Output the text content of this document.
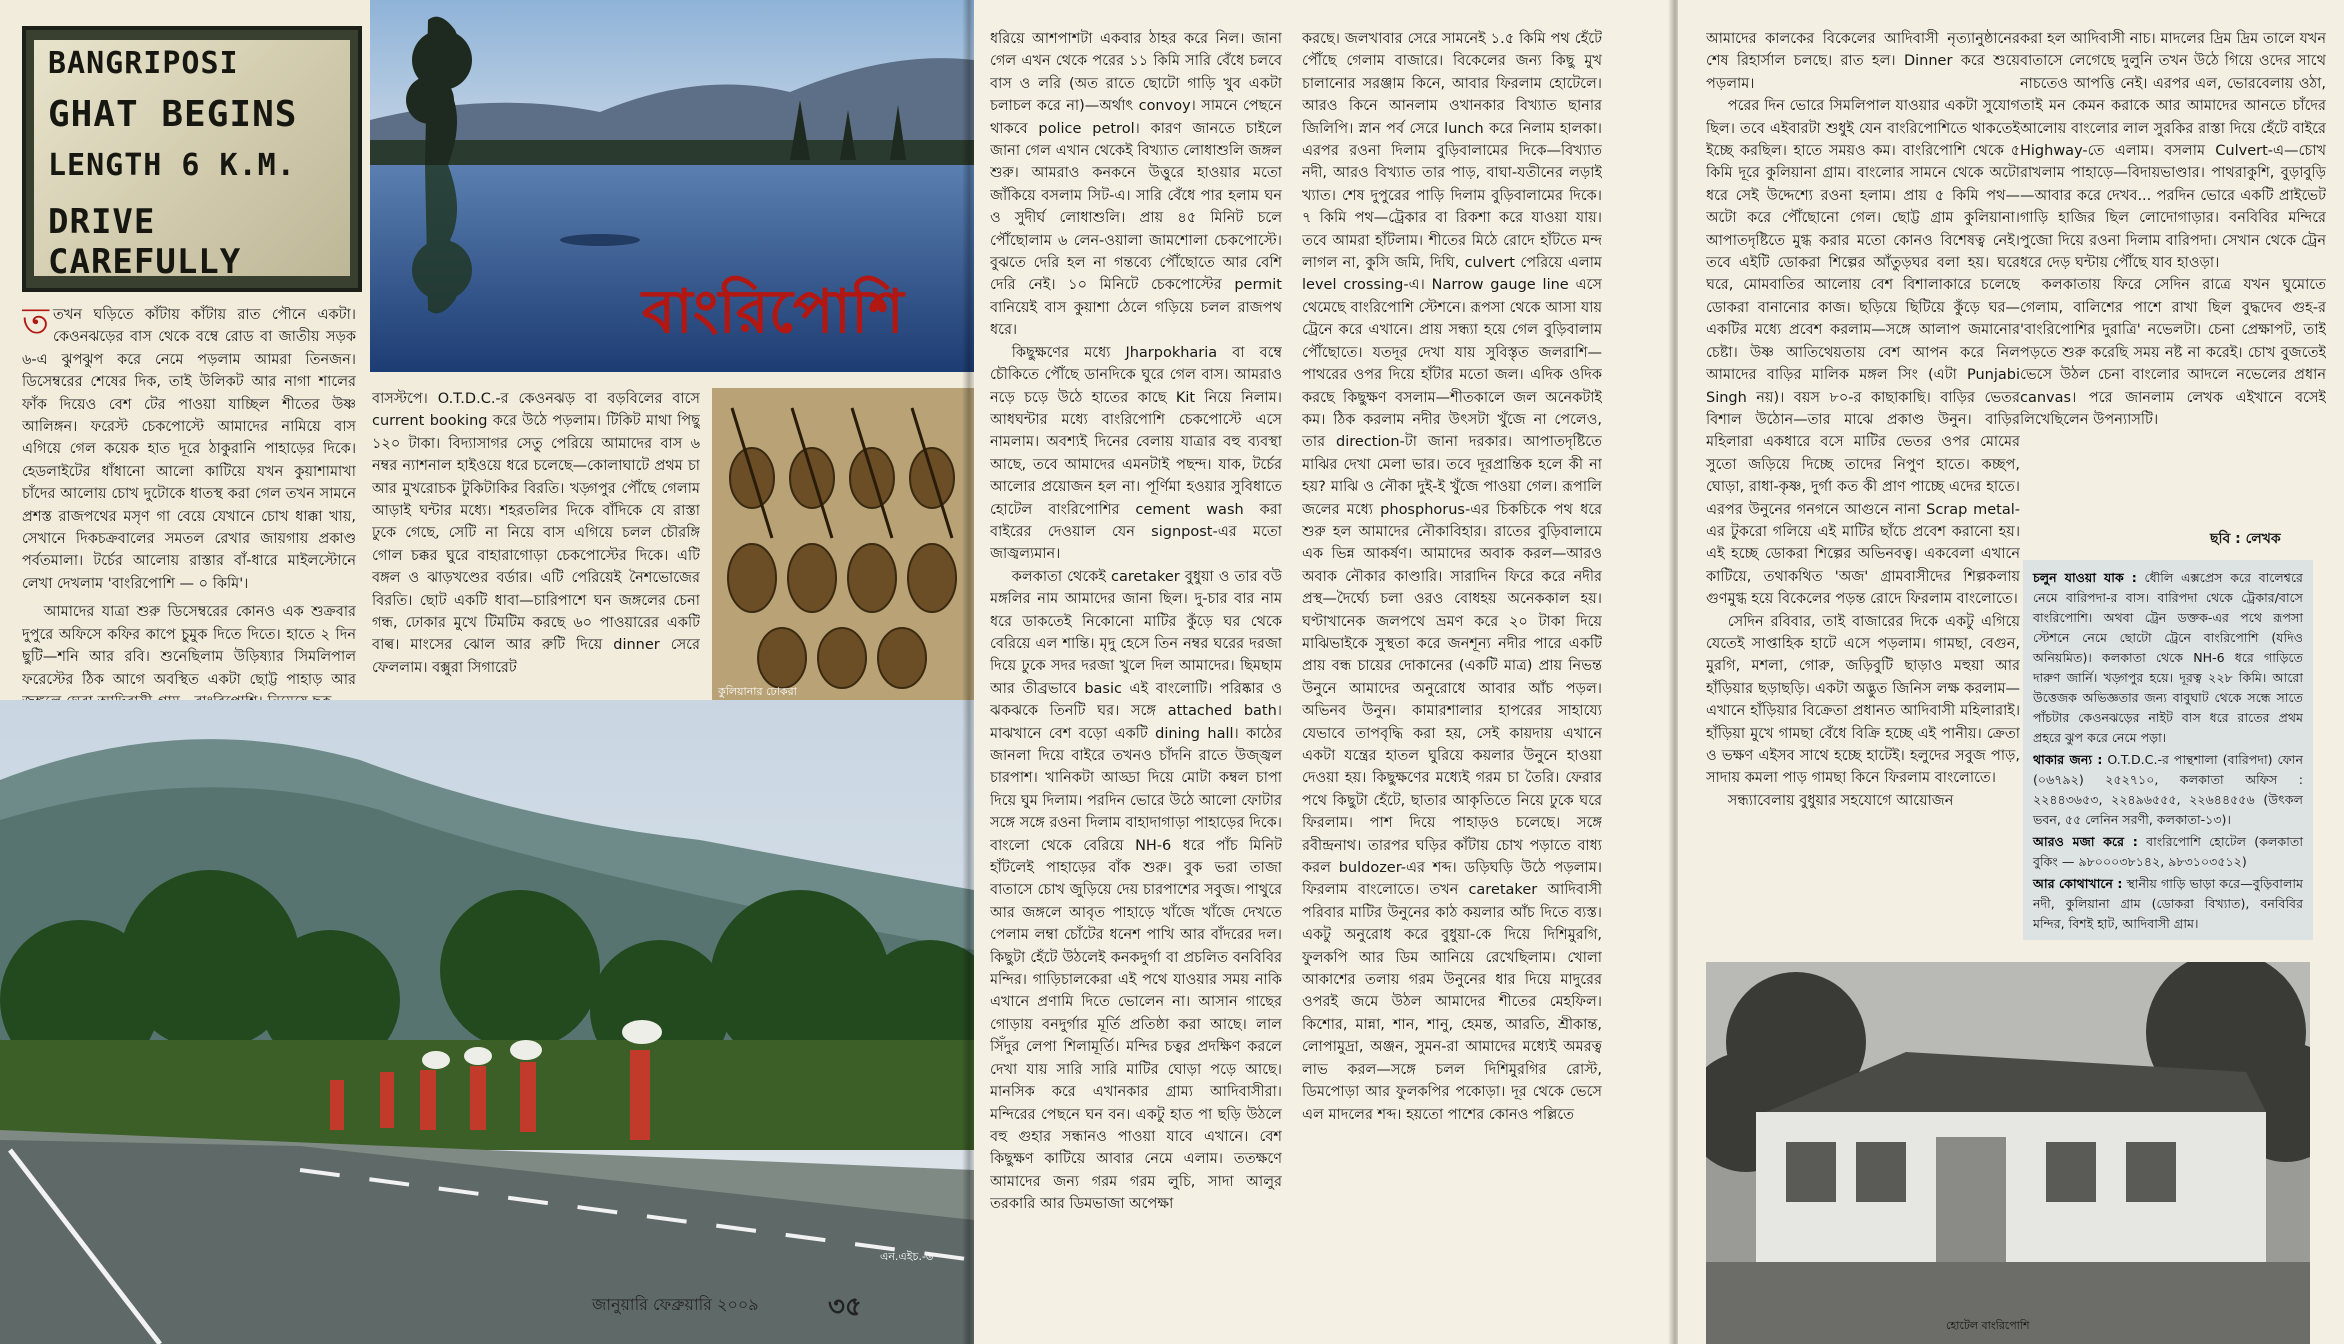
BANGRIPOSI
GHAT BEGINS
LENGTH 6 K.M.
DRIVE CAREFULLY
বাংরিপোশি

ততখন ঘড়িতে কাঁটায় কাঁটায় রাত পৌনে একটা। কেওনঝড়ের বাস থেকে বম্বে রোড বা জাতীয় সড়ক ৬-এ ঝুপঝুপ করে নেমে পড়লাম আমরা তিনজন। ডিসেম্বরের শেষের দিক, তাই উলিকট আর নাগা শালের ফাঁক দিয়েও বেশ টের পাওয়া যাচ্ছিল শীতের উষ্ণ আলিঙ্গন। ফরেস্ট চেকপোস্টে আমাদের নামিয়ে বাস এগিয়ে গেল কয়েক হাত দূরে ঠাকুরানি পাহাড়ের দিকে। হেডলাইটের ধাঁধানো আলো কাটিয়ে যখন কুয়াশামাখা চাঁদের আলোয় চোখ দুটোকে ধাতস্থ করা গেল তখন সামনে প্রশস্ত রাজপথের মসৃণ গা বেয়ে যেখানে চোখ ধাক্কা খায়, সেখানে দিকচক্রবালের সমতল রেখার জায়গায় প্রকাণ্ড পর্বতমালা। টর্চের আলোয় রাস্তার বাঁ-ধারে মাইলস্টোনে লেখা দেখলাম 'বাংরিপোশি — ০ কিমি'।

আমাদের যাত্রা শুরু ডিসেম্বরের কোনও এক শুক্রবার দুপুরে অফিসে কফির কাপে চুমুক দিতে দিতে। হাতে ২ দিন ছুটি—শনি আর রবি। শুনেছিলাম উড়িষ্যার সিমলিপাল ফরেস্টের ঠিক আগে অবস্থিত একটা ছোট্ট পাহাড় আর

বাসস্টপে। O.T.D.C.-র কেওনঝড় বা বড়বিলের বাসে current booking করে উঠে পড়লাম। টিকিট মাথা পিছু ১২০ টাকা। বিদ্যাসাগর সেতু পেরিয়ে আমাদের বাস ৬ নম্বর ন্যাশনাল হাইওয়ে ধরে চলেছে—কোলাঘাটে প্রথম চা আর মুখরোচক টুকিটাকির বিরতি। খড়্গপুর পৌঁছে গেলাম আড়াই ঘন্টার মধ্যে। শহরতলির দিকে বাঁদিকে যে রাস্তা ঢুকে গেছে, সেটি না নিয়ে বাস এগিয়ে চলল চৌরঙ্গি গোল চক্কর ঘুরে বাহারাগোড়া চেকপোস্টের দিকে। এটি বঙ্গল ও ঝাড়খণ্ডের বর্ডার। এটি পেরিয়েই নৈশভোজের বিরতি। ছোট একটি ধাবা—চারিপাশে ঘন জঙ্গলের চেনা গন্ধ, ঢোকার মুখে টিমটিম করছে ৬০ পাওয়ারের একটি বাল্ব। মাংসের ঝোল আর রুটি দিয়ে dinner সেরে ফেললাম। বক্সুরা সিগারেট

কুলিয়ানার ঢোকরা
এন.এইচ.-৬
জানুয়ারি ফেব্রুয়ারি ২০০৯	৩৫

ধরিয়ে আশপাশটা একবার ঠাহর করে নিল। জানা গেল এখন থেকে পরের ১১ কিমি সারি বেঁধে চলবে বাস ও লরি (অত রাতে ছোটো গাড়ি খুব একটা চলাচল করে না)—অর্থাৎ convoy। সামনে পেছনে থাকবে police petrol। কারণ জানতে চাইলে জানা গেল এখান থেকেই বিখ্যাত লোধাশুলি জঙ্গল শুরু। আমরাও কনকনে উত্তুরে হাওয়ার মতো জাঁকিয়ে বসলাম সিট-এ। সারি বেঁধে পার হলাম ঘন ও সুদীর্ঘ লোধাশুলি। প্রায় ৪৫ মিনিট চলে পৌঁছোলাম ৬ লেন-ওয়ালা জামশোলা চেকপোস্টে। বুঝতে দেরি হল না গন্তব্যে পৌঁছোতে আর বেশি দেরি নেই। ১০ মিনিটে চেকপোস্টের permit বানিয়েই বাস কুয়াশা ঠেলে গড়িয়ে চলল রাজপথ ধরে।

কিছুক্ষণের মধ্যে Jharpokharia বা বম্বে চৌকিতে পৌঁছে ডানদিকে ঘুরে গেল বাস। আমরাও নড়ে চড়ে উঠে হাতের কাছে Kit নিয়ে নিলাম। আধঘন্টার মধ্যে বাংরিপোশি চেকপোস্টে এসে নামলাম। অবশ্যই দিনের বেলায় যাত্রার বহু ব্যবস্থা আছে, তবে আমাদের এমনটাই পছন্দ। যাক, টর্চের আলোর প্রয়োজন হল না। পূর্ণিমা হওয়ার সুবিধাতে হোটেল বাংরিপোশির cement wash করা বাইরের দেওয়াল যেন signpost-এর মতো জাজ্বল্যমান।

কলকাতা থেকেই caretaker বুধুয়া ও তার বউ মঙ্গলির নাম আমাদের জানা ছিল। দু-চার বার নাম ধরে ডাকতেই নিকোনো মাটির কুঁড়ে ঘর থেকে বেরিয়ে এল শান্তি। মৃদু হেসে তিন নম্বর ঘরের দরজা দিয়ে ঢুকে সদর দরজা খুলে দিল আমাদের। ছিমছাম আর তীব্রভাবে basic এই বাংলোটি। পরিষ্কার ও ঝকঝকে তিনটি ঘর। সঙ্গে attached bath। মাঝখানে বেশ বড়ো একটি dining hall। কাঠের জানলা দিয়ে বাইরে তখনও চাঁদনি রাতে উজ্জ্বল চারপাশ। খানিকটা আড্ডা দিয়ে মোটা কম্বল চাপা দিয়ে ঘুম দিলাম। পরদিন ভোরে উঠে আলো ফোটার সঙ্গে সঙ্গে রওনা দিলাম বাহাদাগাড়া পাহাড়ের দিকে। বাংলো থেকে বেরিয়ে NH-6 ধরে পাঁচ মিনিট হাঁটলেই পাহাড়ের বাঁক শুরু। বুক ভরা তাজা বাতাসে চোখ জুড়িয়ে দেয় চারপাশের সবুজ। পাথুরে আর জঙ্গলে আবৃত পাহাড়ে খাঁজে খাঁজে দেখতে পেলাম লম্বা চোঁটের ধনেশ পাখি আর বাঁদরের দল। কিছুটা হেঁটে উঠলেই কনকদুর্গা বা প্রচলিত বনবিবির মন্দির। গাড়িচালকেরা এই পথে যাওয়ার সময় নাকি এখানে প্রণামি দিতে ভোলেন না। আসান গাছের গোড়ায় বনদুর্গার মূর্তি প্রতিষ্ঠা করা আছে। লাল সিঁদুর লেপা শিলামূর্তি। মন্দির চত্বর প্রদক্ষিণ করলে দেখা যায় সারি সারি মাটির ঘোড়া পড়ে আছে। মানসিক করে এখানকার গ্রাম্য আদিবাসীরা। মন্দিরের পেছনে ঘন বন। একটু হাত পা ছড়ি উঠলে বহু গুহার সন্ধানও পাওয়া যাবে এখানে। বেশ কিছুক্ষণ কাটিয়ে আবার নেমে এলাম। ততক্ষণে আমাদের জন্য গরম গরম লুচি, সাদা আলুর তরকারি আর ডিমভাজা অপেক্ষা

করছে। জলখাবার সেরে সামনেই ১.৫ কিমি পথ হেঁটে পৌঁছে গেলাম বাজারে। বিকেলের জন্য কিছু মুখ চালানোর সরঞ্জাম কিনে, আবার ফিরলাম হোটেলে। আরও কিনে আনলাম ওখানকার বিখ্যাত ছানার জিলিপি। স্নান পর্ব সেরে lunch করে নিলাম হালকা। এরপর রওনা দিলাম বুড়িবালামের দিকে—বিখ্যাত নদী, আরও বিখ্যাত তার পাড়, বাঘা-যতীনের লড়াই খ্যাত। শেষ দুপুরের পাড়ি দিলাম বুড়িবালামের দিকে। ৭ কিমি পথ—ট্রেকার বা রিকশা করে যাওয়া যায়। তবে আমরা হাঁটলাম। শীতের মিঠে রোদে হাঁটতে মন্দ লাগল না, কুসি জমি, দিঘি, culvert পেরিয়ে এলাম level crossing-এ। Narrow gauge line এসে থেমেছে বাংরিপোশি স্টেশনে। রূপসা থেকে আসা যায় ট্রেনে করে এখানে। প্রায় সন্ধ্যা হয়ে গেল বুড়িবালাম পৌঁছোতে। যতদূর দেখা যায় সুবিস্তৃত জলরাশি—পাথরের ওপর দিয়ে হাঁটার মতো জল। এদিক ওদিক করছে কিছুক্ষণ বসলাম—শীতকালে জল অনেকটাই কম। ঠিক করলাম নদীর উৎসটা খুঁজে না পেলেও, তার direction-টা জানা দরকার। আপাতদৃষ্টিতে মাঝির দেখা মেলা ভার। তবে দূরপ্রান্তিক হলে কী না হয়? মাঝি ও নৌকা দুই-ই খুঁজে পাওয়া গেল। রূপালি জলের মধ্যে phosphorus-এর চিকচিকে পথ ধরে শুরু হল আমাদের নৌকাবিহার। রাতের বুড়িবালামে এক ভিন্ন আকর্ষণ। আমাদের অবাক করল—আরও অবাক নৌকার কাণ্ডারি। সারাদিন ফিরে করে নদীর প্রস্থ—দৈর্ঘ্যে চলা ওরও বোধহয় অনেককাল হয়। ঘণ্টাখানেক জলপথে ভ্রমণ করে ২০ টাকা দিয়ে মাঝিভাইকে সুস্থতা করে জনশূন্য নদীর পারে একটি প্রায় বন্ধ চায়ের দোকানের (একটি মাত্র) প্রায় নিভন্ত উনুনে আমাদের অনুরোধে আবার আঁচ পড়ল। অভিনব উনুন। কামারশালার হাপরের সাহায্যে যেভাবে তাপবৃদ্ধি করা হয়, সেই কায়দায় এখানে একটা যন্ত্রের হাতল ঘুরিয়ে কয়লার উনুনে হাওয়া দেওয়া হয়। কিছুক্ষণের মধ্যেই গরম চা তৈরি। ফেরার পথে কিছুটা হেঁটে, ছাতার আকৃতিতে নিয়ে ঢুকে ঘরে ফিরলাম। পাশ দিয়ে পাহাড়ও চলেছে। সঙ্গে রবীন্দ্রনাথ। তারপর ঘড়ির কাঁটায় চোখ পড়াতে বাধ্য করল buldozer-এর শব্দ। ডড়িঘড়ি উঠে পড়লাম। ফিরলাম বাংলোতে। তখন caretaker আদিবাসী পরিবার মাটির উনুনের কাঠ কয়লার আঁচ দিতে ব্যস্ত। একটু অনুরোধ করে বুধুয়া-কে দিয়ে দিশিমুরগি, ফুলকপি আর ডিম আনিয়ে রেখেছিলাম। খোলা আকাশের তলায় গরম উনুনের ধার দিয়ে মাদুরের ওপরই জমে উঠল আমাদের শীতের মেহফিল। কিশোর, মান্না, শান, শানু, হেমন্ত, আরতি, শ্রীকান্ত, লোপামুদ্রা, অঞ্জন, সুমন-রা আমাদের মধ্যেই অমরত্ব লাভ করল—সঙ্গে চলল দিশিমুরগির রোস্ট, ডিমপোড়া আর ফুলকপির পকোড়া। দূর থেকে ভেসে এল মাদলের শব্দ। হয়তো পাশের কোনও পল্লিতে

আমাদের কালকের বিকেলের আদিবাসী নৃত্যানুষ্ঠানের শেষ রিহার্সাল চলছে। রাত হল। Dinner করে শুয়ে পড়লাম।

পরের দিন ভোরে সিমলিপাল যাওয়ার একটা সুযোগ ছিল। তবে এইবারটা শুধুই যেন বাংরিপোশিতে থাকতেই ইচ্ছে করছিল। হাতে সময়ও কম। বাংরিপোশি থেকে ৫ কিমি দূরে কুলিয়ানা গ্রাম। বাংলোর সামনে থেকে অটো ধরে সেই উদ্দেশ্যে রওনা হলাম। প্রায় ৫ কিমি পথ—অটো করে পৌঁছোনো গেল। ছোট্ট গ্রাম কুলিয়ানা। আপাতদৃষ্টিতে মুগ্ধ করার মতো কোনও বিশেষত্ব নেই। তবে এইটি ডোকরা শিল্পের আঁতুড়ঘর বলা হয়। ঘরে ঘরে, মোমবাতির আলোয় বেশ বিশালাকারে চলেছে ডোকরা বানানোর কাজ। ছড়িয়ে ছিটিয়ে কুঁড়ে ঘর—একটির মধ্যে প্রবেশ করলাম—সঙ্গে আলাপ জমানোর চেষ্টা। উষ্ণ আতিথেয়তায় বেশ আপন করে নিল আমাদের বাড়ির মালিক মঙ্গল সিং (এটা Punjabi Singh নয়)। বয়স ৮০-র কাছাকাছি। বাড়ির ভেতর বিশাল উঠোন—তার মাঝে প্রকাণ্ড উনুন। বাড়ির মহিলারা একধারে বসে মাটির ভেতর ওপর মোমের সুতো জড়িয়ে দিচ্ছে তাদের নিপুণ হাতে। কচ্ছপ, ঘোড়া, রাধা-কৃষ্ণ, দুর্গা কত কী প্রাণ পাচ্ছে এদের হাতে। এরপর উনুনের গনগনে আগুনে নানা Scrap metal-এর টুকরো গলিয়ে এই মাটির ছাঁচে প্রবেশ করানো হয়। এই হচ্ছে ডোকরা শিল্পের অভিনবত্ব। একবেলা এখানে কাটিয়ে, তথাকথিত 'অজ' গ্রামবাসীদের শিল্পকলায় গুণমুগ্ধ হয়ে বিকেলের পড়ন্ত রোদে ফিরলাম বাংলোতে।

সেদিন রবিবার, তাই বাজারের দিকে একটু এগিয়ে যেতেই সাপ্তাহিক হাটে এসে পড়লাম। গামছা, বেগুন, মুরগি, মশলা, গোরু, জড়িবুটি ছাড়াও মহুয়া আর হাঁড়িয়ার ছড়াছড়ি। একটা অদ্ভুত জিনিস লক্ষ করলাম—এখানে হাঁড়িয়ার বিক্রেতা প্রধানত আদিবাসী মহিলারাই। হাঁড়িয়া মুখে গামছা বেঁধে বিক্রি হচ্ছে এই পানীয়। ক্রেতা ও ভক্ষণ এইসব সাথে হচ্ছে হাটেই। হলুদের সবুজ পাড়, সাদায় কমলা পাড় গামছা কিনে ফিরলাম বাংলোতে।

সন্ধ্যাবেলায় বুধুয়ার সহযোগে আয়োজন

করা হল আদিবাসী নাচ। মাদলের দ্রিম দ্রিম তালে যখন বাতাসে লেগেছে দুলুনি তখন উঠে গিয়ে ওদের সাথে নাচতেও আপত্তি নেই। এরপর এল, ভোরবেলায় ওঠা, তাই মন কেমন করাকে আর আমাদের আনতে চাঁদের আলোয় বাংলোর লাল সুরকির রাস্তা দিয়ে হেঁটে বাইরে Highway-তে এলাম। বসলাম Culvert-এ—চোখ রাখলাম পাহাড়ে—বিদায়ভাণ্ডার। পাথরাকুশি, বুড়াবুড়ি—আবার করে দেখব... পরদিন ভোরে একটি প্রাইভেট গাড়ি হাজির ছিল লোদোগাড়ার। বনবিবির মন্দিরে পুজো দিয়ে রওনা দিলাম বারিপদা। সেখান থেকে ট্রেন ধরে দেড় ঘন্টায় পৌঁছে যাব হাওড়া।

কলকাতায় ফিরে সেদিন রাত্রে যখন ঘুমোতে গেলাম, বালিশের পাশে রাখা ছিল বুদ্ধদেব গুহ-র 'বাংরিপোশির দুরাত্রি' নভেলটা। চেনা প্রেক্ষাপট, তাই পড়তে শুরু করেছি সময় নষ্ট না করেই। চোখ বুজতেই ভেসে উঠল চেনা বাংলোর আদলে নভেলের প্রধান canvas। পরে জানলাম লেখক এইখানে বসেই লিখেছিলেন উপন্যাসটি।

ছবি : লেখক

চলুন যাওয়া যাক : ধৌলি এক্সপ্রেস করে বালেশ্বরে নেমে বারিপদা-র বাস। বারিপদা থেকে ট্রেকার/বাসে বাংরিপোশি। অথবা ট্রেন ডক্তক-এর পথে রূপসা স্টেশনে নেমে ছোটো ট্রেনে বাংরিপোশি (যদিও অনিয়মিত)। কলকাতা থেকে NH-6 ধরে গাড়িতে দারুণ জার্নি। খড়্গপুর হয়ে। দূরত্ব ২২৮ কিমি। আরো উত্তেজক অভিজ্ঞতার জন্য বাবুঘাট থেকে সন্ধে সাতে পাঁচটার কেওনঝড়ের নাইট বাস ধরে রাতের প্রথম প্রহরে ঝুপ করে নেমে পড়া।

থাকার জন্য : O.T.D.C.-র পান্থশালা (বারিপদা) ফোন (০৬৭৯২) ২৫২৭১০, কলকাতা অফিস : ২২৪৪৩৬৫৩, ২২৪৯৬৫৫৫, ২২৬৪৪৫৫৬ (উৎকল ভবন, ৫৫ লেনিন সরণী, কলকাতা-১৩)।

আরও মজা করে : বাংরিপোশি হোটেল (কলকাতা বুকিং — ৯৮০০০৩৮১৪২, ৯৮৩১০৩৫১২)

আর কোথাখানে : স্থানীয় গাড়ি ভাড়া করে—বুড়িবালাম নদী, কুলিয়ানা গ্রাম (ডোকরা বিখ্যাত), বনবিবির মন্দির, বিশই হাট, আদিবাসী গ্রাম।

হোটেল বাংরিপোশি
